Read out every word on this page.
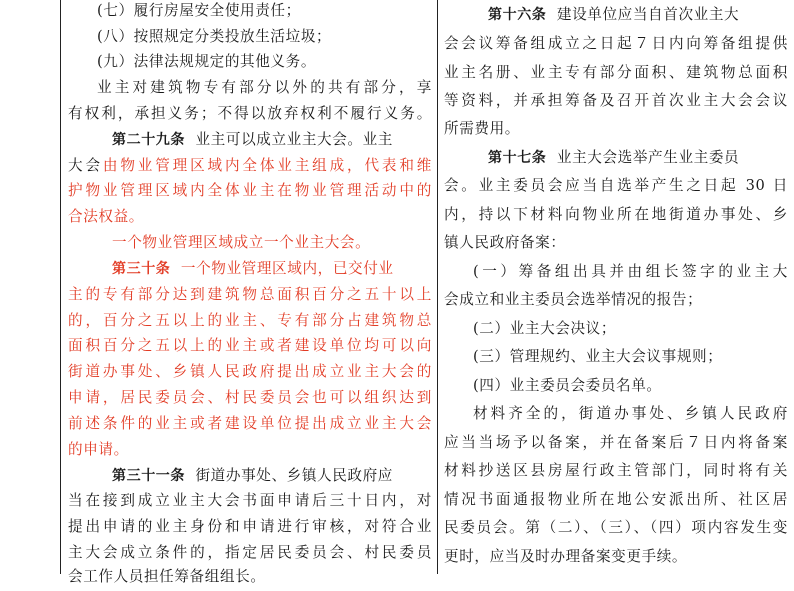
(七）履行房屋安全使用责任；
(八）按照规定分类投放生活垃圾；
(九）法律法规规定的其他义务。
业主对建筑物专有部分以外的共有部分，享
有权利，承担义务；不得以放弃权利不履行义务。
第二十九条 业主可以成立业主大会。业主
大会由物业管理区域内全体业主组成，代表和维
护物业管理区域内全体业主在物业管理活动中的
合法权益。
一个物业管理区域成立一个业主大会。
第三十条 一个物业管理区域内，已交付业
主的专有部分达到建筑物总面积百分之五十以上
的，百分之五以上的业主、专有部分占建筑物总
面积百分之五以上的业主或者建设单位均可以向
街道办事处、乡镇人民政府提出成立业主大会的
申请，居民委员会、村民委员会也可以组织达到
前述条件的业主或者建设单位提出成立业主大会
的申请。
第三十一条 街道办事处、乡镇人民政府应
当在接到成立业主大会书面申请后三十日内，对
提出申请的业主身份和申请进行审核，对符合业
主大会成立条件的，指定居民委员会、村民委员
会工作人员担任筹备组组长。
第十六条 建设单位应当自首次业主大
会会议筹备组成立之日起７日内向筹备组提供
业主名册、业主专有部分面积、建筑物总面积
等资料，并承担筹备及召开首次业主大会会议
所需费用。
第十七条 业主大会选举产生业主委员
会。业主委员会应当自选举产生之日起 30 日
内，持以下材料向物业所在地街道办事处、乡
镇人民政府备案：
(一）筹备组出具并由组长签字的业主大
会成立和业主委员会选举情况的报告；
(二）业主大会决议；
(三）管理规约、业主大会议事规则；
(四）业主委员会委员名单。
材料齐全的，街道办事处、乡镇人民政府
应当当场予以备案，并在备案后７日内将备案
材料抄送区县房屋行政主管部门，同时将有关
情况书面通报物业所在地公安派出所、社区居
民委员会。第（二）、（三）、（四）项内容发生变
更时，应当及时办理备案变更手续。
